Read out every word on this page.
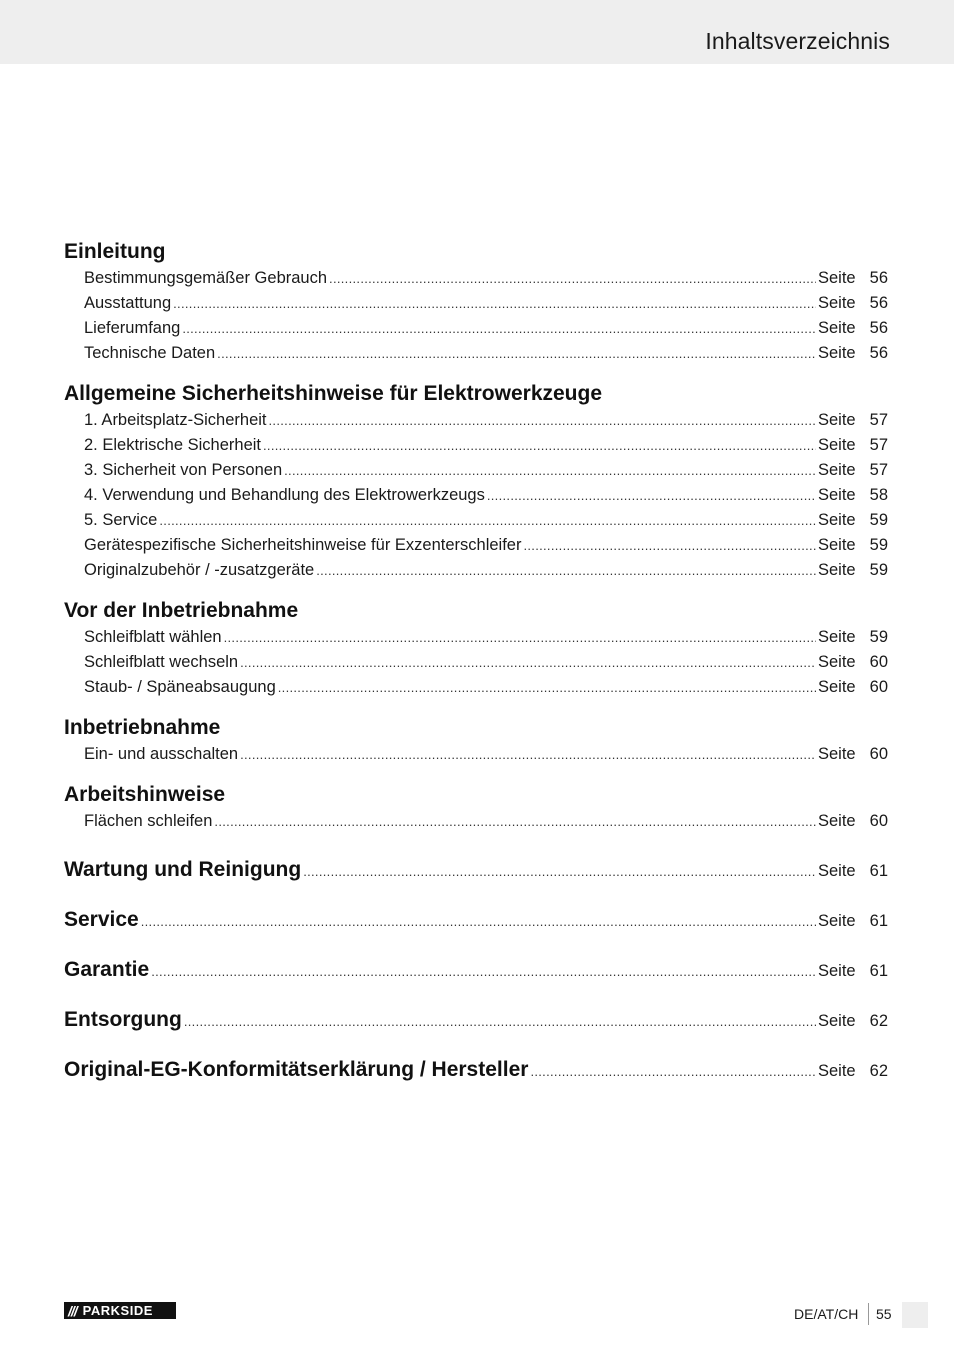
Inhaltsverzeichnis
Einleitung
Bestimmungsgemäßer Gebrauch .....	Seite 56
Ausstattung .....	Seite 56
Lieferumfang .....	Seite 56
Technische Daten .....	Seite 56
Allgemeine Sicherheitshinweise für Elektrowerkzeuge
1. Arbeitsplatz-Sicherheit .....	Seite 57
2. Elektrische Sicherheit .....	Seite 57
3. Sicherheit von Personen .....	Seite 57
4. Verwendung und Behandlung des Elektrowerkzeugs .....	Seite 58
5. Service .....	Seite 59
Gerätespezifische Sicherheitshinweise für Exzenterschleifer .....	Seite 59
Originalzubehör / -zusatzgeräte .....	Seite 59
Vor der Inbetriebnahme
Schleifblatt wählen .....	Seite 59
Schleifblatt wechseln .....	Seite 60
Staub- / Späneabsaugung .....	Seite 60
Inbetriebnahme
Ein- und ausschalten .....	Seite 60
Arbeitshinweise
Flächen schleifen .....	Seite 60
Wartung und Reinigung .....	Seite 61
Service .....	Seite 61
Garantie .....	Seite 61
Entsorgung .....	Seite 62
Original-EG-Konformitätserklärung / Hersteller .....	Seite 62
/// PARKSIDE	DE/AT/CH 55
